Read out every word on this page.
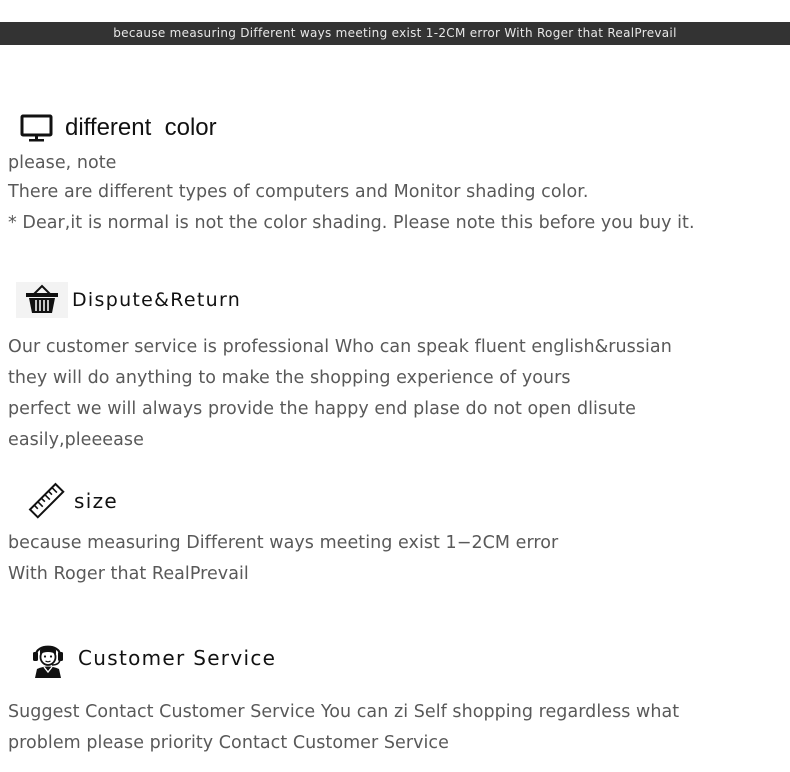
because measuring Different ways meeting exist 1-2CM error With Roger that RealPrevail
different  color
please, note
There are different types of computers and Monitor shading color.
* Dear,it is normal is not the color shading. Please note this before you buy it.
Dispute&Return
Our customer service is professional Who can speak fluent english&russian
they will do anything to make the shopping experience of yours
perfect we will always provide the happy end plase do not open dlisute
easily,pleeease
size
because measuring Different ways meeting exist 1−2CM error
With Roger that RealPrevail
Customer Service
Suggest Contact Customer Service You can zi Self shopping regardless what
problem please priority Contact Customer Service
